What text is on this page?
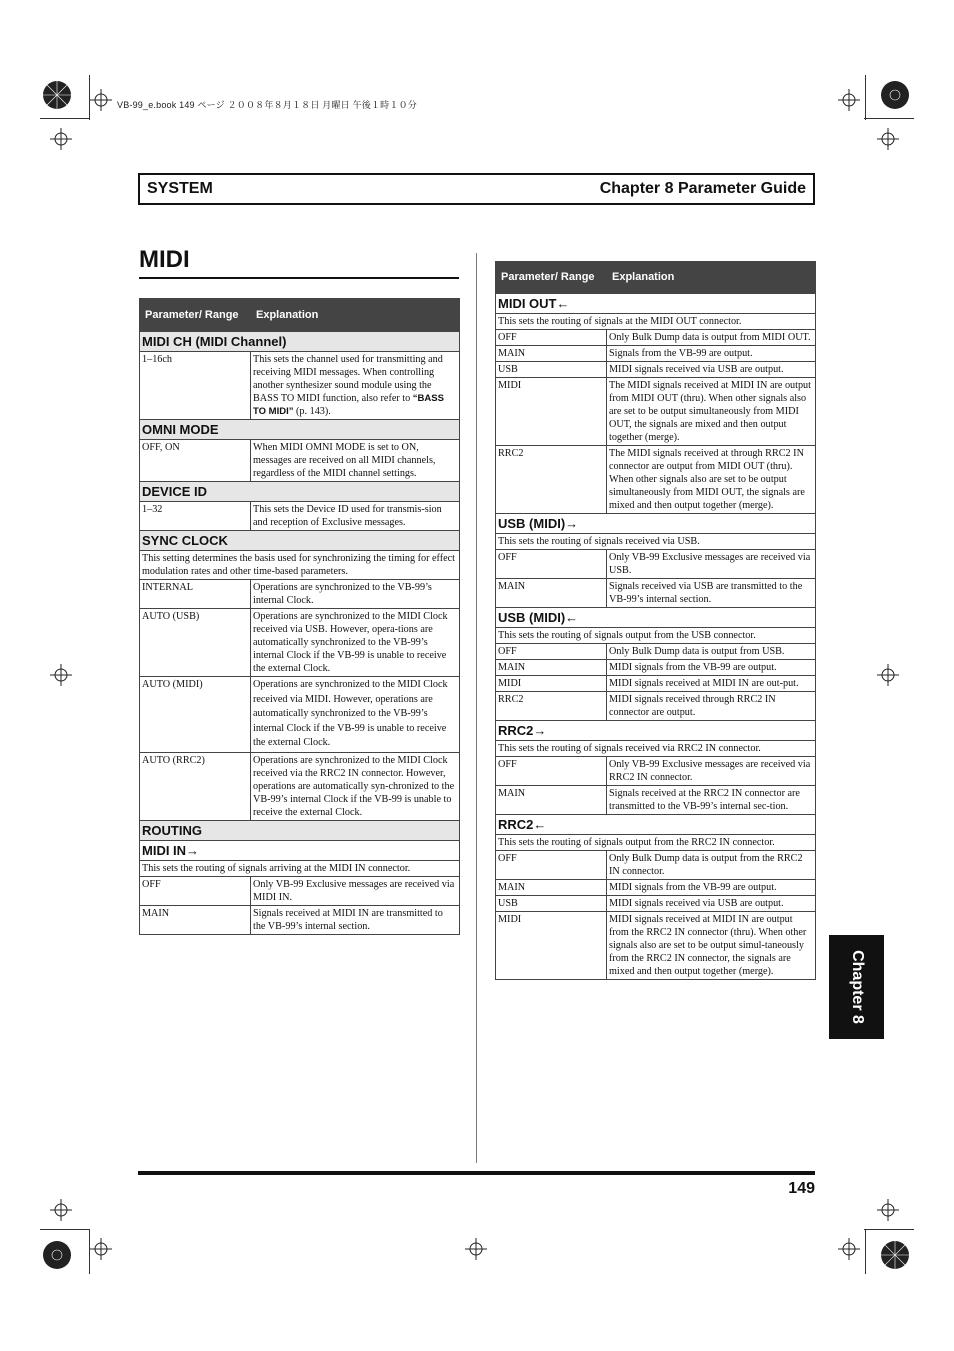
VB-99_e.book 149 ページ ２００８年８月１８日 月曜日 午後１時１０分
SYSTEM	Chapter 8 Parameter Guide
MIDI
Parameter/ Range	Explanation
MIDI CH (MIDI Channel)	
1–16ch	This sets the channel used for transmitting and receiving MIDI messages. When controlling another synthesizer sound module using the BASS TO MIDI function, also refer to “BASS TO MIDI” (p. 143).
OMNI MODE	
OFF, ON	When MIDI OMNI MODE is set to ON, messages are received on all MIDI channels, regardless of the MIDI channel settings.
DEVICE ID	
1–32	This sets the Device ID used for transmis-sion and reception of Exclusive messages.
SYNC CLOCK	
This setting determines the basis used for synchronizing the timing for effect modulation rates and other time-based parameters.	
INTERNAL	Operations are synchronized to the VB-99’s internal Clock.
AUTO (USB)	Operations are synchronized to the MIDI Clock received via USB. However, opera-tions are automatically synchronized to the VB-99’s internal Clock if the VB-99 is unable to receive the external Clock.
AUTO (MIDI)	Operations are synchronized to the MIDI Clock received via MIDI. However, operations are automatically synchronized to the VB-99’s internal Clock if the VB-99 is unable to receive the external Clock.
AUTO (RRC2)	Operations are synchronized to the MIDI Clock received via the RRC2 IN connector. However, operations are automatically syn-chronized to the VB-99’s internal Clock if the VB-99 is unable to receive the external Clock.
ROUTING	
MIDI IN→	
This sets the routing of signals arriving at the MIDI IN connector.	
OFF	Only VB-99 Exclusive messages are received via MIDI IN.
MAIN	Signals received at MIDI IN are transmitted to the VB-99’s internal section.
Parameter/ Range	Explanation
MIDI OUT←	
This sets the routing of signals at the MIDI OUT connector.	
OFF	Only Bulk Dump data is output from MIDI OUT.
MAIN	Signals from the VB-99 are output.
USB	MIDI signals received via USB are output.
MIDI	The MIDI signals received at MIDI IN are output from MIDI OUT (thru). When other signals also are set to be output simultaneously from MIDI OUT, the signals are mixed and then output together (merge).
RRC2	The MIDI signals received at through RRC2 IN connector are output from MIDI OUT (thru). When other signals also are set to be output simultaneously from MIDI OUT, the signals are mixed and then output together (merge).
USB (MIDI)→	
This sets the routing of signals received via USB.	
OFF	Only VB-99 Exclusive messages are received via USB.
MAIN	Signals received via USB are transmitted to the VB-99’s internal section.
USB (MIDI)←	
This sets the routing of signals output from the USB connector.	
OFF	Only Bulk Dump data is output from USB.
MAIN	MIDI signals from the VB-99 are output.
MIDI	MIDI signals received at MIDI IN are out-put.
RRC2	MIDI signals received through RRC2 IN connector are output.
RRC2→	
This sets the routing of signals received via RRC2 IN connector.	
OFF	Only VB-99 Exclusive messages are received via RRC2 IN connector.
MAIN	Signals received at the RRC2 IN connector are transmitted to the VB-99’s internal sec-tion.
RRC2←	
This sets the routing of signals output from the RRC2 IN connector.	
OFF	Only Bulk Dump data is output from the RRC2 IN connector.
MAIN	MIDI signals from the VB-99 are output.
USB	MIDI signals received via USB are output.
MIDI	MIDI signals received at MIDI IN are output from the RRC2 IN connector (thru). When other signals also are set to be output simul-taneously from the RRC2 IN connector, the signals are mixed and then output together (merge).
149
Chapter 8
